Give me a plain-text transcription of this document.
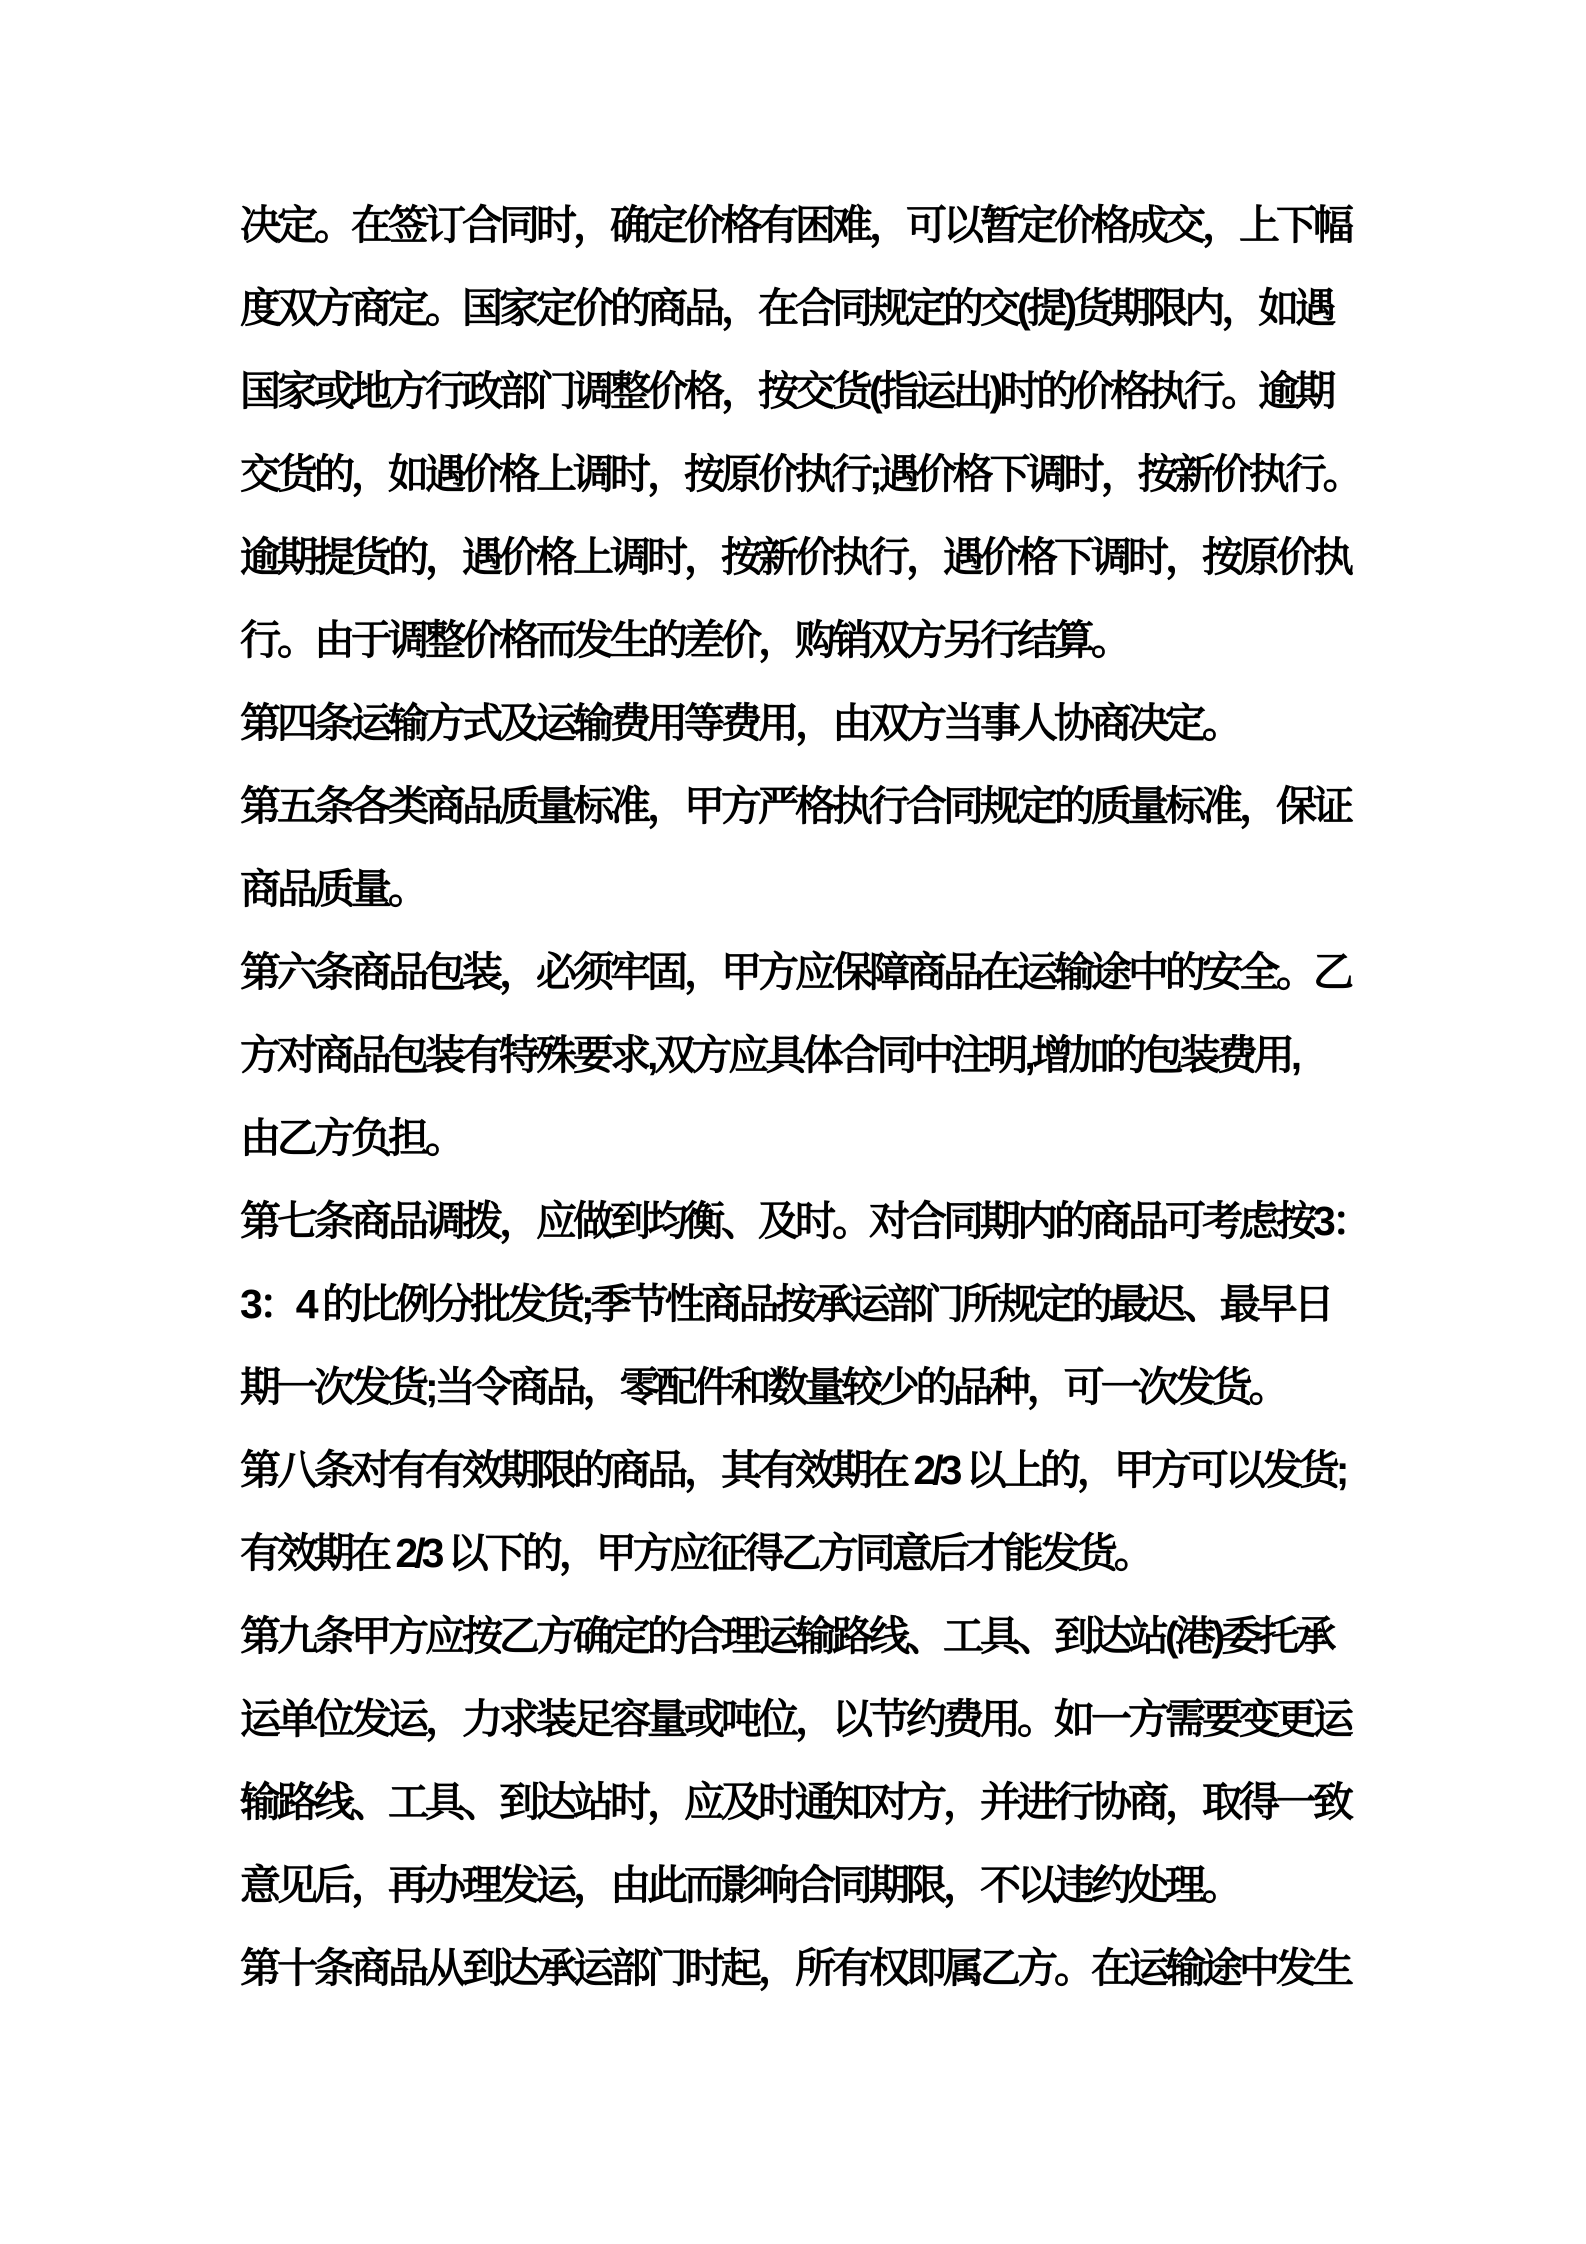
决定。在签订合同时，确定价格有困难，可以暂定价格成交，上下幅
度双方商定。国家定价的商品，在合同规定的交(提)货期限内，如遇
国家或地方行政部门调整价格，按交货(指运出)时的价格执行。逾期
交货的，如遇价格上调时，按原价执行;遇价格下调时，按新价执行。
逾期提货的，遇价格上调时，按新价执行，遇价格下调时，按原价执
行。由于调整价格而发生的差价，购销双方另行结算。
第四条运输方式及运输费用等费用，由双方当事人协商决定。
第五条各类商品质量标准，甲方严格执行合同规定的质量标准，保证
商品质量。
第六条商品包装，必须牢固，甲方应保障商品在运输途中的安全。乙
方对商品包装有特殊要求,双方应具体合同中注明,增加的包装费用,
由乙方负担。
第七条商品调拨，应做到均衡、及时。对合同期内的商品可考虑按3：
3：4 的比例分批发货;季节性商品按承运部门所规定的最迟、最早日
期一次发货;当令商品，零配件和数量较少的品种，可一次发货。
第八条对有有效期限的商品，其有效期在 2/3 以上的，甲方可以发货;
有效期在 2/3 以下的，甲方应征得乙方同意后才能发货。
第九条甲方应按乙方确定的合理运输路线、工具、到达站(港)委托承
运单位发运，力求装足容量或吨位，以节约费用。如一方需要变更运
输路线、工具、到达站时，应及时通知对方，并进行协商，取得一致
意见后，再办理发运，由此而影响合同期限，不以违约处理。
第十条商品从到达承运部门时起，所有权即属乙方。在运输途中发生
